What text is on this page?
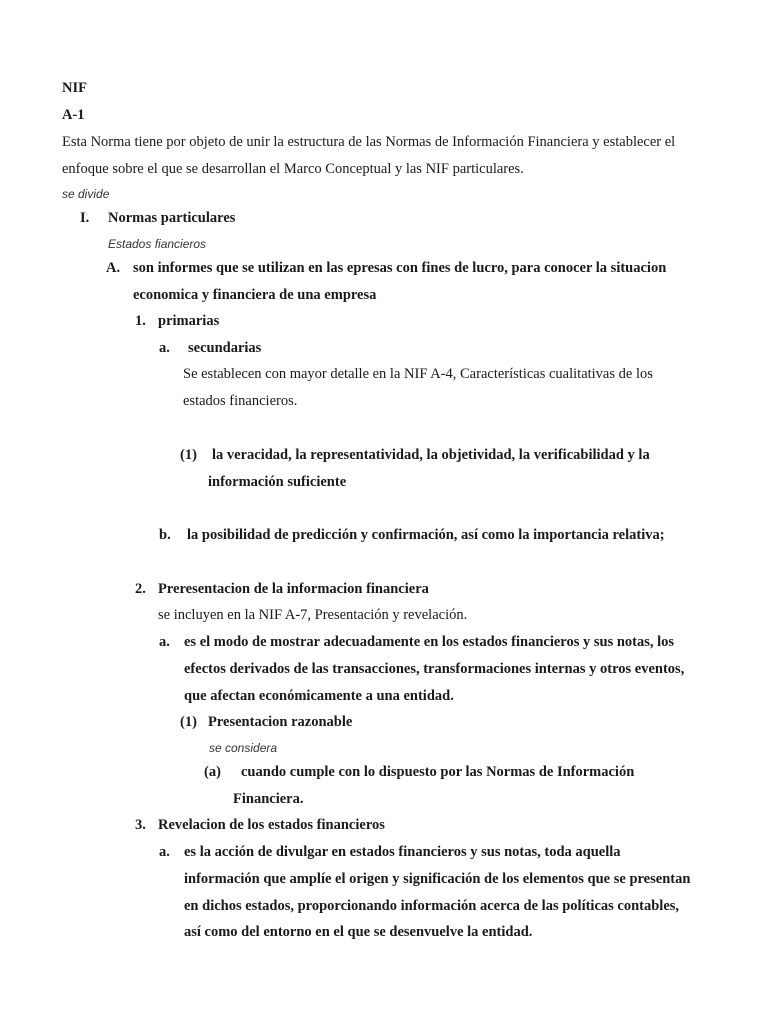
NIF
A-1
Esta Norma tiene por objeto de unir la estructura de las Normas de Información Financiera y establecer el
enfoque sobre el que se desarrollan el Marco Conceptual y las NIF particulares.
se divide
I. Normas particulares
Estados fiancieros
A. son informes que se utilizan en las epresas con fines de lucro, para conocer la situacion
economica y financiera de una empresa
1. primarias
a. secundarias
Se establecen con mayor detalle en la NIF A-4, Características cualitativas de los
estados financieros.
(1) la veracidad, la representatividad, la objetividad, la verificabilidad y la
información suficiente
b. la posibilidad de predicción y confirmación, así como la importancia relativa;
2. Preresentacion de la informacion financiera
se incluyen en la NIF A-7, Presentación y revelación.
a. es el modo de mostrar adecuadamente en los estados financieros y sus notas, los
efectos derivados de las transacciones, transformaciones internas y otros eventos,
que afectan económicamente a una entidad.
(1) Presentacion razonable
se considera
(a) cuando cumple con lo dispuesto por las Normas de Información
Financiera.
3. Revelacion de los estados financieros
a. es la acción de divulgar en estados financieros y sus notas, toda aquella
información que amplíe el origen y significación de los elementos que se presentan
en dichos estados, proporcionando información acerca de las políticas contables,
así como del entorno en el que se desenvuelve la entidad.
